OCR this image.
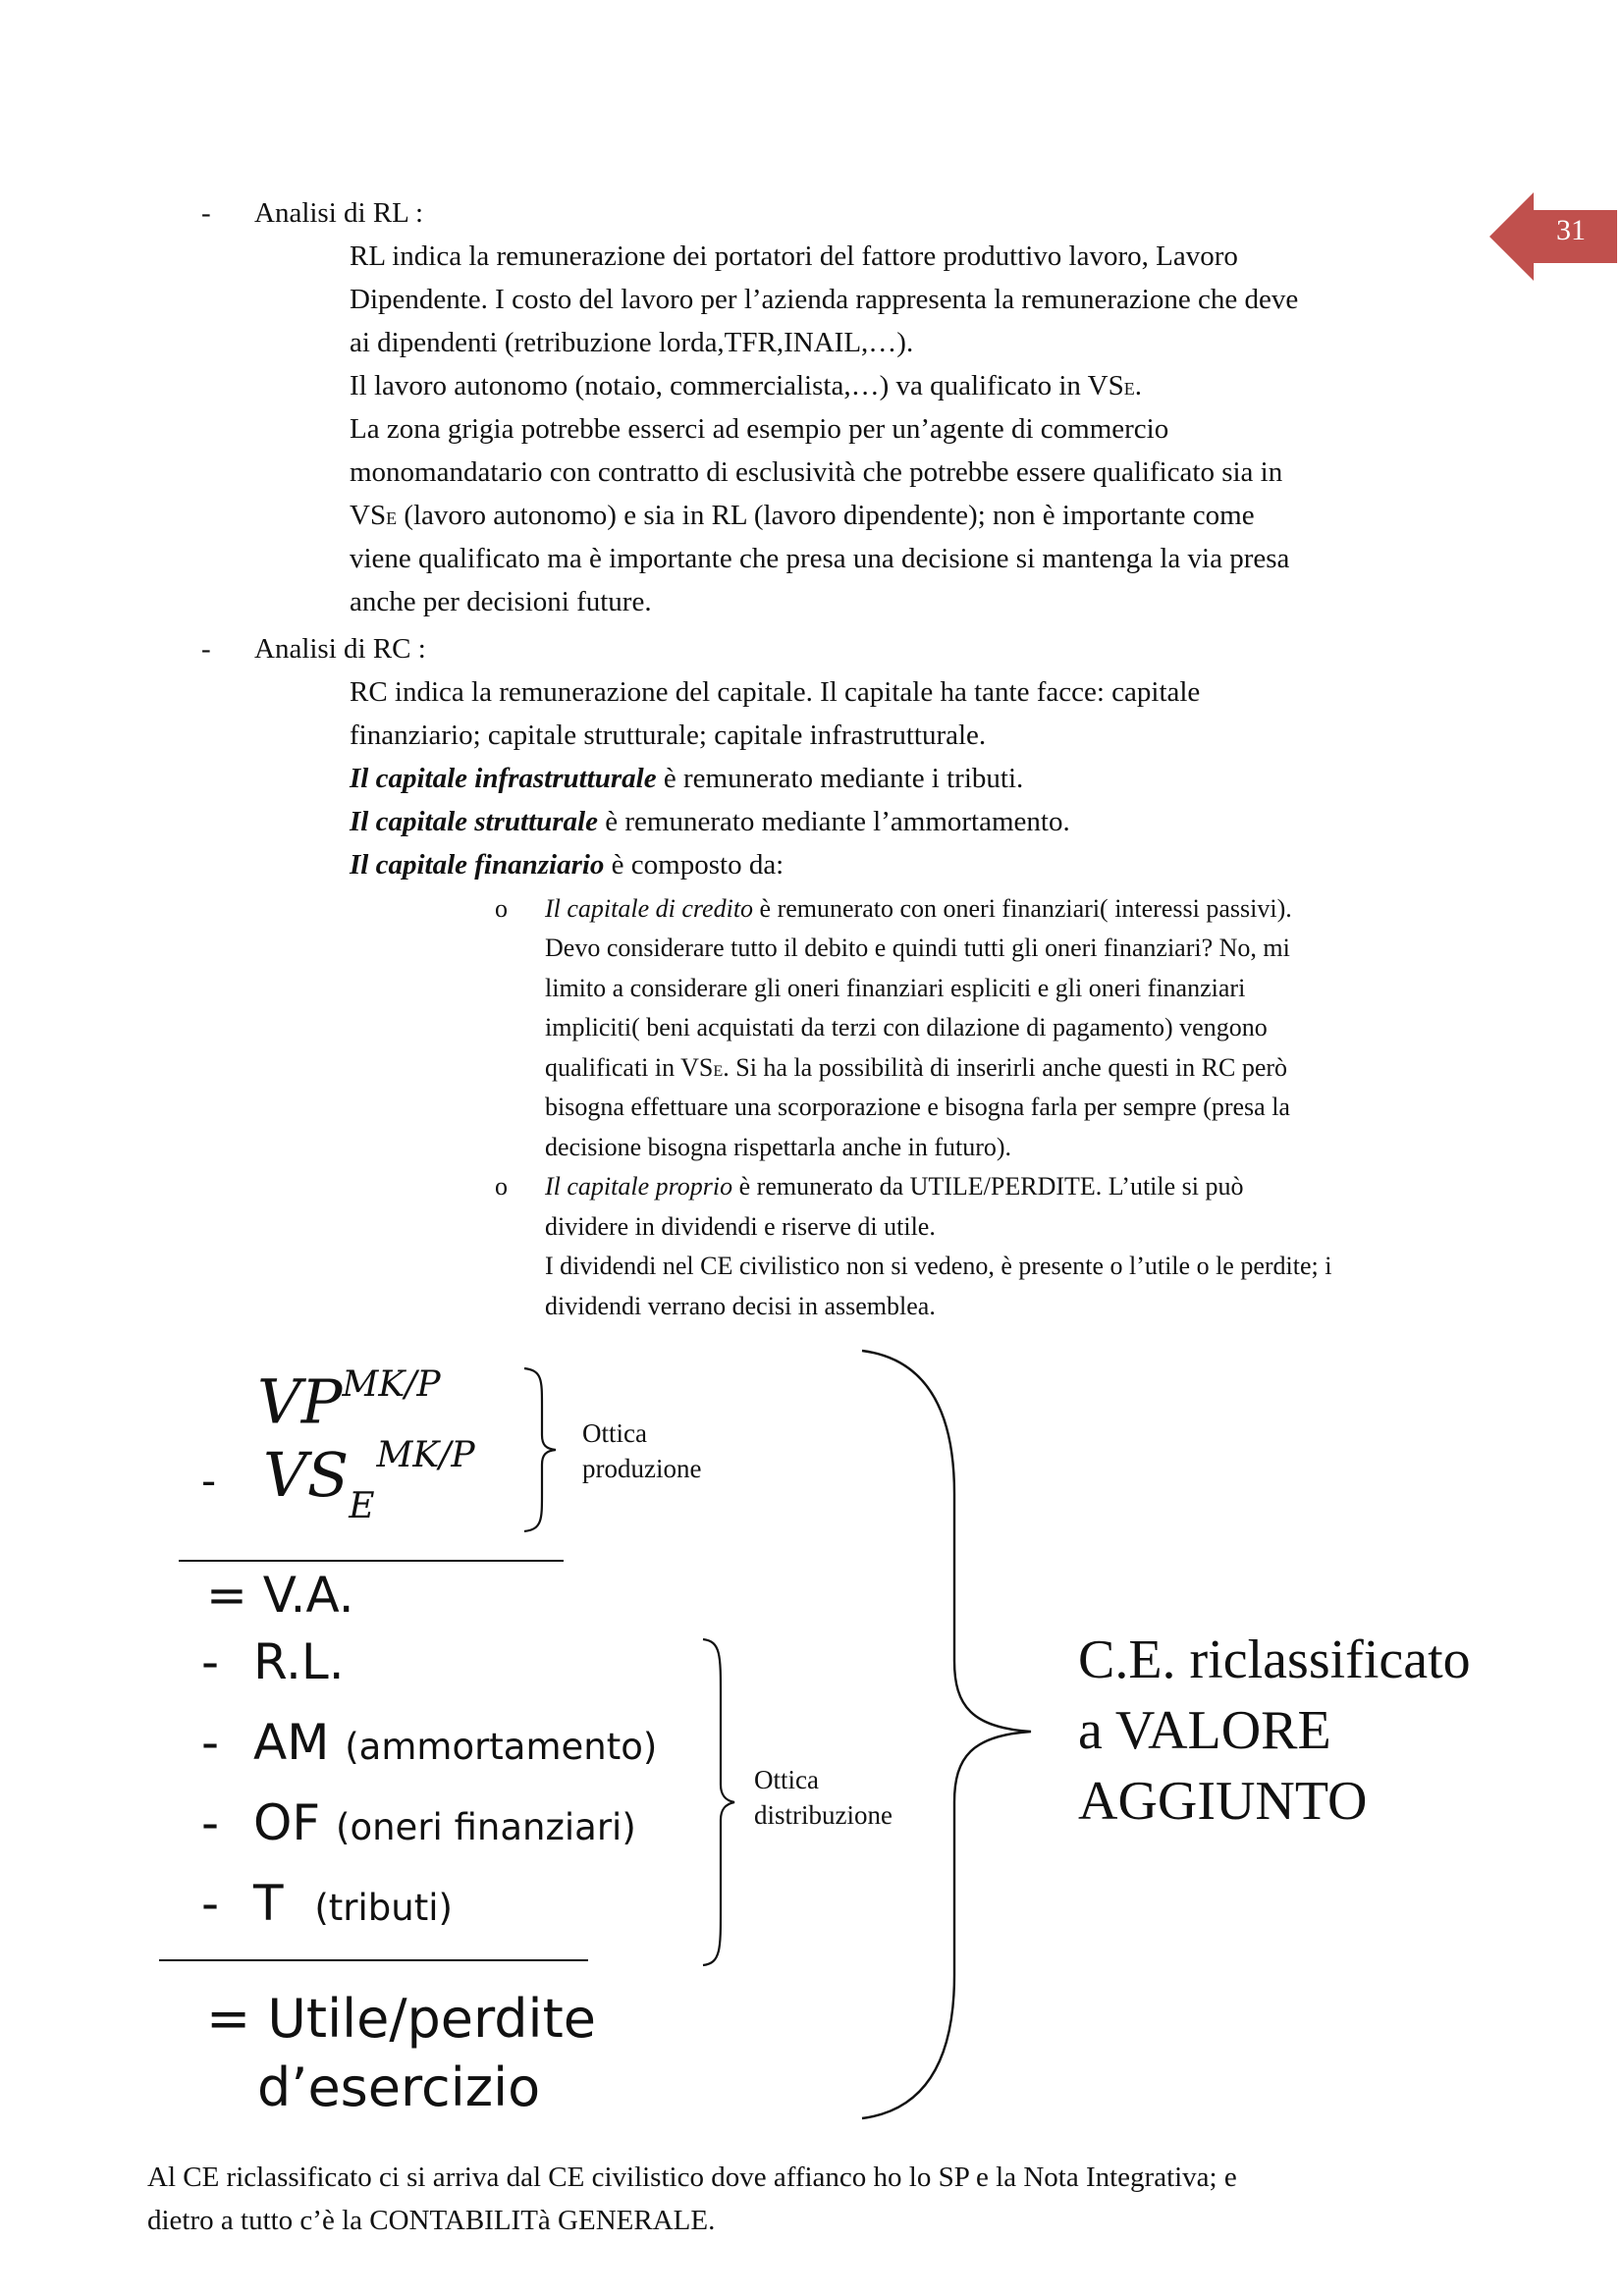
31
- Analisi di RL :
RL indica la remunerazione dei portatori del fattore produttivo lavoro, Lavoro
Dipendente. I costo del lavoro per l’azienda rappresenta la remunerazione che deve
ai dipendenti (retribuzione lorda,TFR,INAIL,…).
Il lavoro autonomo (notaio, commercialista,…) va qualificato in VSE.
La zona grigia potrebbe esserci ad esempio per un’agente di commercio
monomandatario con contratto di esclusività che potrebbe essere qualificato sia in
VSE (lavoro autonomo) e sia in RL (lavoro dipendente); non è importante come
viene qualificato ma è importante che presa una decisione si mantenga la via presa
anche per decisioni future.
- Analisi di RC :
RC indica la remunerazione del capitale. Il capitale ha tante facce: capitale
finanziario; capitale strutturale; capitale infrastrutturale.
Il capitale infrastrutturale è remunerato mediante i tributi.
Il capitale strutturale è remunerato mediante l’ammortamento.
Il capitale finanziario è composto da:
o Il capitale di credito è remunerato con oneri finanziari( interessi passivi).
Devo considerare tutto il debito e quindi tutti gli oneri finanziari? No, mi
limito a considerare gli oneri finanziari espliciti e gli oneri finanziari
impliciti( beni acquistati da terzi con dilazione di pagamento) vengono
qualificati in VSE. Si ha la possibilità di inserirli anche questi in RC però
bisogna effettuare una scorporazione e bisogna farla per sempre (presa la
decisione bisogna rispettarla anche in futuro).
o Il capitale proprio è remunerato da UTILE/PERDITE. L’utile si può
dividere in dividendi e riserve di utile.
I dividendi nel CE civilistico non si vedeno, è presente o l’utile o le perdite; i
dividendi verrano decisi in assemblea.
$VP^{MK/P}$
- $VS_E^{MK/P}$
Ottica
produzione
= V.A.
- R.L.
- AM (ammortamento)
- OF (oneri finanziari)
- T (tributi)
Ottica
distribuzione
= Utile/perdite
d’esercizio
C.E. riclassificato
a VALORE
AGGIUNTO
Al CE riclassificato ci si arriva dal CE civilistico dove affianco ho lo SP e la Nota Integrativa; e
dietro a tutto c’è la CONTABILITà GENERALE.
